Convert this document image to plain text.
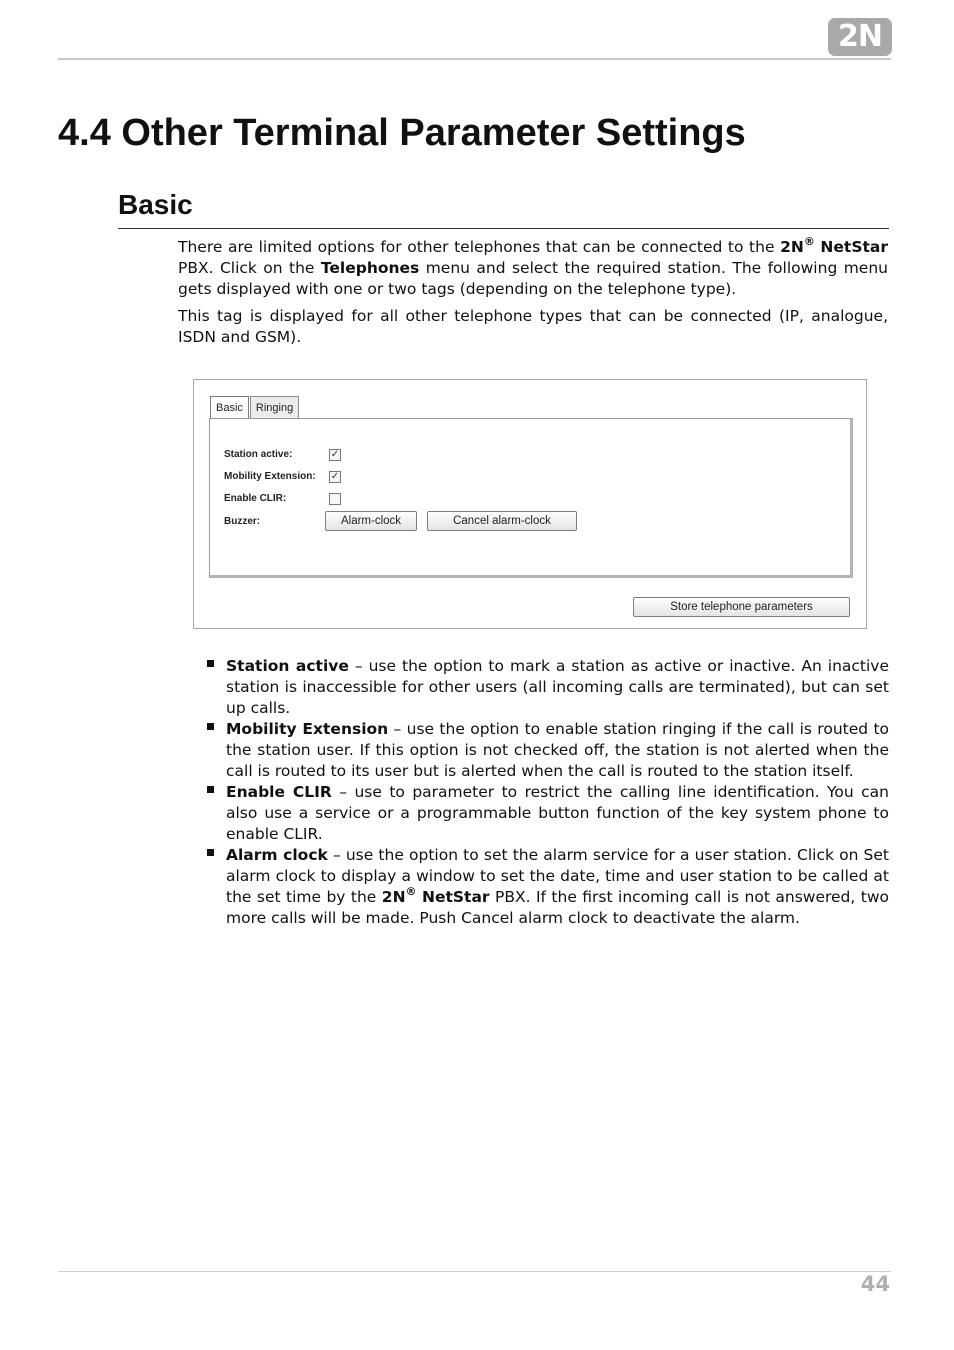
2N
4.4 Other Terminal Parameter Settings
Basic

There are limited options for other telephones that can be connected to the 2N® NetStar PBX. Click on the Telephones menu and select the required station. The following menu gets displayed with one or two tags (depending on the telephone type).

This tag is displayed for all other telephone types that can be connected (IP, analogue, ISDN and GSM).

Basic	Ringing
Station active:	✓
Mobility Extension: ✓
Enable CLIR:
Buzzer:	Alarm-clock	Cancel alarm-clock
Store telephone parameters
Station active – use the option to mark a station as active or inactive. An inactive station is inaccessible for other users (all incoming calls are terminated), but can set up calls.
Mobility Extension – use the option to enable station ringing if the call is routed to the station user. If this option is not checked off, the station is not alerted when the call is routed to its user but is alerted when the call is routed to the station itself.
Enable CLIR – use to parameter to restrict the calling line identification. You can also use a service or a programmable button function of the key system phone to enable CLIR.
Alarm clock – use the option to set the alarm service for a user station. Click on Set alarm clock to display a window to set the date, time and user station to be called at the set time by the 2N® NetStar PBX. If the first incoming call is not answered, two more calls will be made. Push Cancel alarm clock to deactivate the alarm.
44
